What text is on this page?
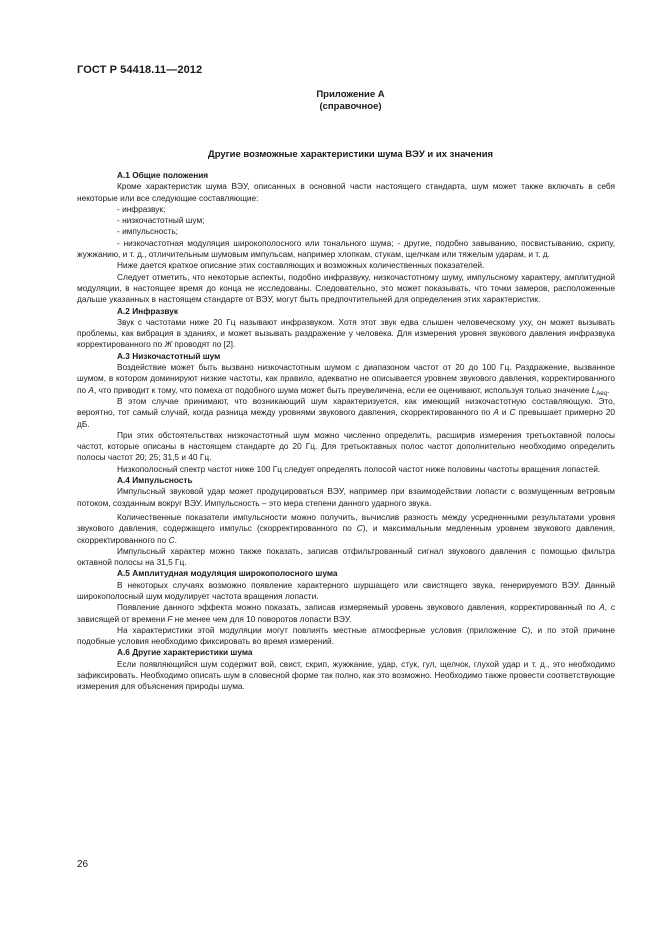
ГОСТ Р 54418.11—2012
Приложение А
(справочное)
Другие возможные характеристики шума ВЭУ и их значения
А.1 Общие положения

Кроме характеристик шума ВЭУ, описанных в основной части настоящего стандарта, шум может также включать в себя некоторые или все следующие составляющие:

- инфразвук;
- низкочастотный шум;
- импульсность;

- низкочастотная модуляция широкополосного или тонального шума; - другие, подобно завыванию, посвистыванию, скрипу, жужжанию, и т. д., отличительным шумовым импульсам, например хлопкам, стукам, щелчкам или тяжелым ударам, и т. д.

Ниже дается краткое описание этих составляющих и возможных количественных показателей.

Следует отметить, что некоторые аспекты, подобно инфразвуку, низкочастотному шуму, импульсному характеру, амплитудной модуляции, в настоящее время до конца не исследованы. Следовательно, это может показывать, что точки замеров, расположенные дальше указанных в настоящем стандарте от ВЭУ, могут быть предпочтительней для определения этих характеристик.

А.2 Инфразвук

Звук с частотами ниже 20 Гц называют инфразвуком. Хотя этот звук едва слышен человеческому уху, он может вызывать проблемы, как вибрация в зданиях, и может вызывать раздражение у человека. Для измерения уровня звукового давления инфразвука корректированного по Ж проводят по [2].

А.3 Низкочастотный шум

Воздействие может быть вызвано низкочастотным шумом с диапазоном частот от 20 до 100 Гц. Раздражение, вызванное шумом, в котором доминируют низкие частоты, как правило, адекватно не описывается уровнем звукового давления, корректированного по А, что приводит к тому, что помеха от подобного шума может быть преувеличена, если ее оценивают, используя только значение $L_{Aeq}$.

В этом случае принимают, что возникающий шум характеризуется, как имеющий низкочастотную составляющую. Это, вероятно, тот самый случай, когда разница между уровнями звукового давления, скорректированного по А и С превышает примерно 20 дБ.

При этих обстоятельствах низкочастотный шум можно численно определить, расширив измерения третьоктавной полосы частот, которые описаны в настоящем стандарте до 20 Гц. Для третьоктавных полос частот дополнительно необходимо определить полосы частот 20; 25; 31,5 и 40 Гц.

Низкополосный спектр частот ниже 100 Гц следует определять полосой частот ниже половины частоты вращения лопастей.

А.4 Импульсность

Импульсный звуковой удар может продуцироваться ВЭУ, например при взаимодействии лопасти с возмущенным ветровым потоком, созданным вокруг ВЭУ. Импульсность – это мера степени данного ударного звука.

Количественные показатели импульсности можно получить, вычислив разность между усредненными результатами уровня звукового давления, содержащего импульс (скорректированного по С), и максимальным медленным уровнем звукового давления, скорректированного по С.

Импульсный характер можно также показать, записав отфильтрованный сигнал звукового давления с помощью фильтра октавной полосы на 31,5 Гц.

А.5 Амплитудная модуляция широкополосного шума

В некоторых случаях возможно появление характерного шуршащего или свистящего звука, генерируемого ВЭУ. Данный широкополосный шум модулирует частота вращения лопасти.

Появление данного эффекта можно показать, записав измеряемый уровень звукового давления, корректированный по А, с зависящей от времени F не менее чем для 10 поворотов лопасти ВЭУ.

На характеристики этой модуляции могут повлиять местные атмосферные условия (приложение С), и по этой причине подобные условия необходимо фиксировать во время измерений.

А.6 Другие характеристики шума

Если появляющийся шум содержит вой, свист, скрип, жужжание, удар, стук, гул, щелчок, глухой удар и т. д., это необходимо зафиксировать. Необходимо описать шум в словесной форме так полно, как это возможно. Необходимо также провести соответствующие измерения для объяснения природы шума.

26
